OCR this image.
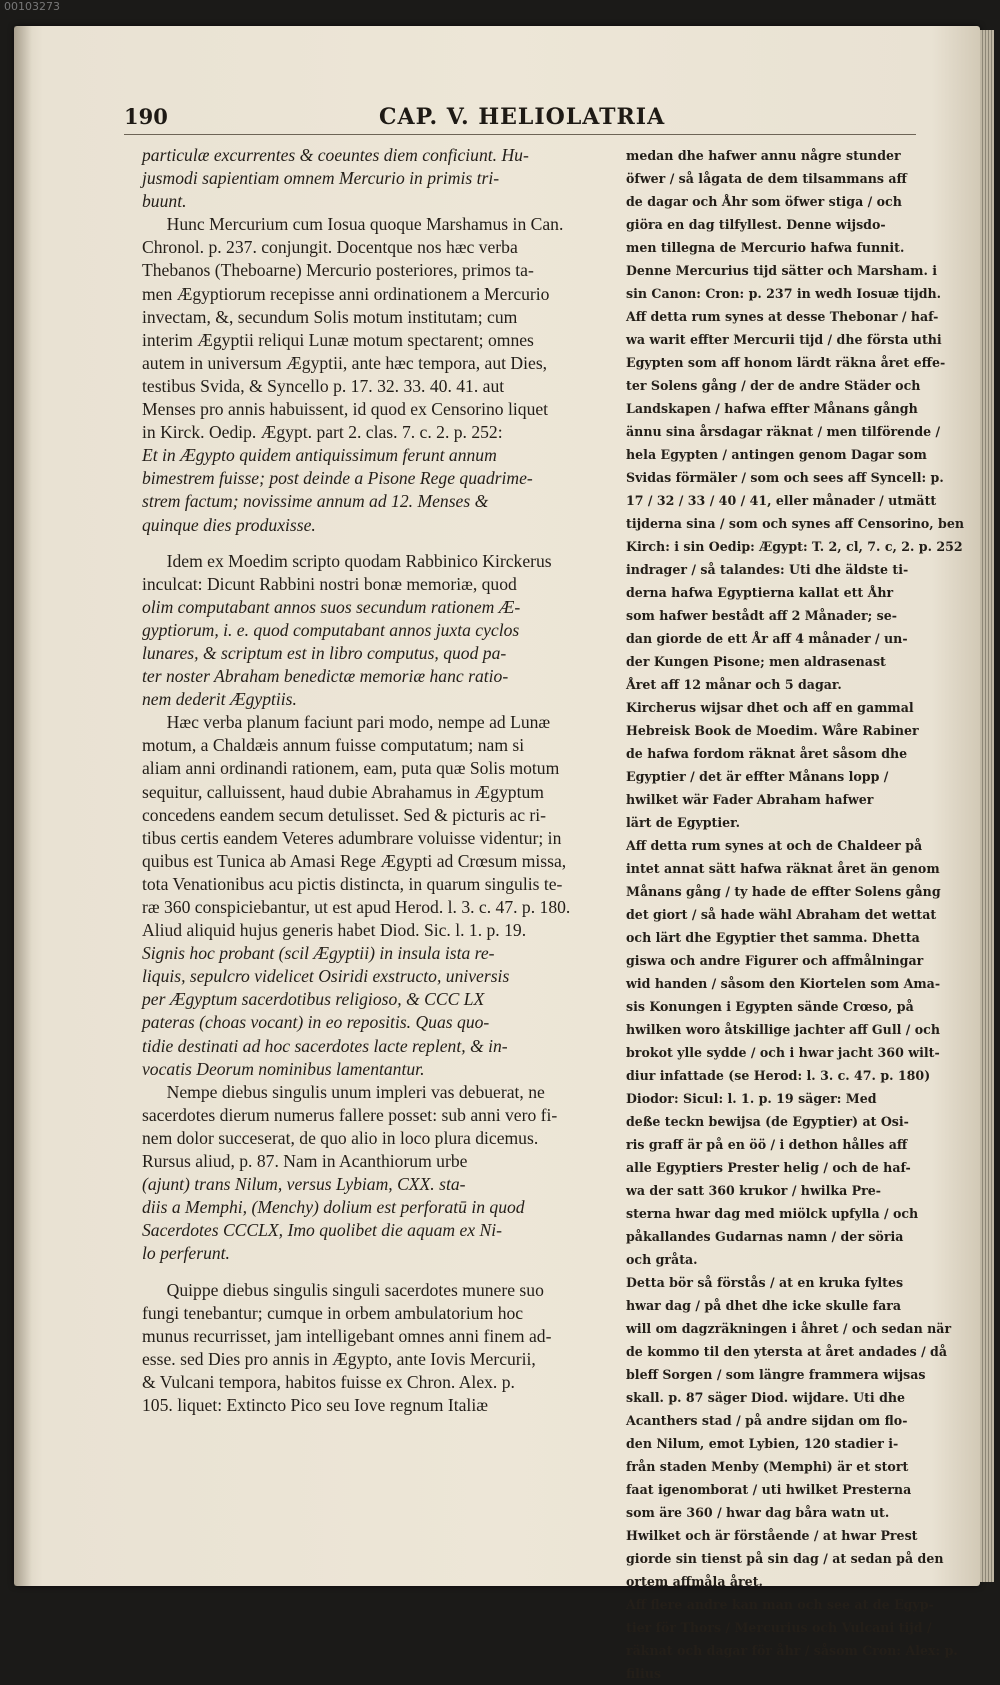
00103273
190	CAP. V. HELIOLATRIA
particulæ excurrentes & coeuntes diem conficiunt. Hu-
jusmodi sapientiam omnem Mercurio in primis tri-
buunt.
Hunc Mercurium cum Iosua quoque Marshamus in Can.
Chronol. p. 237. conjungit. Docentque nos hæc verba
Thebanos (Theboarne) Mercurio posteriores, primos ta-
men Ægyptiorum recepisse anni ordinationem a Mercurio
invectam, &, secundum Solis motum institutam; cum
interim Ægyptii reliqui Lunæ motum spectarent; omnes
autem in universum Ægyptii, ante hæc tempora, aut Dies,
testibus Svida, & Syncello p. 17. 32. 33. 40. 41. aut
Menses pro annis habuissent, id quod ex Censorino liquet
in Kirck. Oedip. Ægypt. part 2. clas. 7. c. 2. p. 252:
Et in Ægypto quidem antiquissimum ferunt annum
bimestrem fuisse; post deinde a Pisone Rege quadrime-
strem factum; novissime annum ad 12. Menses &
quinque dies produxisse.
Idem ex Moedim scripto quodam Rabbinico Kirckerus
inculcat: Dicunt Rabbini nostri bonæ memoriæ, quod
olim computabant annos suos secundum rationem Æ-
gyptiorum, i. e. quod computabant annos juxta cyclos
lunares, & scriptum est in libro computus, quod pa-
ter noster Abraham benedictæ memoriæ hanc ratio-
nem dederit Ægyptiis.
Hæc verba planum faciunt pari modo, nempe ad Lunæ
motum, a Chaldæis annum fuisse computatum; nam si
aliam anni ordinandi rationem, eam, puta quæ Solis motum
sequitur, calluissent, haud dubie Abrahamus in Ægyptum
concedens eandem secum detulisset. Sed & picturis ac ri-
tibus certis eandem Veteres adumbrare voluisse videntur; in
quibus est Tunica ab Amasi Rege Ægypti ad Crœsum missa,
tota Venationibus acu pictis distincta, in quarum singulis te-
ræ 360 conspiciebantur, ut est apud Herod. l. 3. c. 47. p. 180.
Aliud aliquid hujus generis habet Diod. Sic. l. 1. p. 19.
Signis hoc probant (scil Ægyptii) in insula ista re-
liquis, sepulcro videlicet Osiridi exstructo, universis
per Ægyptum sacerdotibus religioso, & CCC LX
pateras (choas vocant) in eo repositis. Quas quo-
tidie destinati ad hoc sacerdotes lacte replent, & in-
vocatis Deorum nominibus lamentantur.
Nempe diebus singulis unum impleri vas debuerat, ne
sacerdotes dierum numerus fallere posset: sub anni vero fi-
nem dolor succeserat, de quo alio in loco plura dicemus.
Rursus aliud, p. 87. Nam in Acanthiorum urbe
(ajunt) trans Nilum, versus Lybiam, CXX. sta-
diis a Memphi, (Menchy) dolium est perforatū in quod
Sacerdotes CCCLX, Imo quolibet die aquam ex Ni-
lo perferunt.
Quippe diebus singulis singuli sacerdotes munere suo
fungi tenebantur; cumque in orbem ambulatorium hoc
munus recurrisset, jam intelligebant omnes anni finem ad-
esse. sed Dies pro annis in Ægypto, ante Iovis Mercurii,
& Vulcani tempora, habitos fuisse ex Chron. Alex. p.
105. liquet: Extincto Pico seu Iove regnum Italiæ
medan dhe hafwer annu någre stunder
öfwer / så lågata de dem tilsammans aff
de dagar och Åhr som öfwer stiga / och
giöra en dag tilfyllest. Denne wijsdo-
men tillegna de Mercurio hafwa funnit.
Denne Mercurius tijd sätter och Marsham. i
sin Canon: Cron: p. 237 in wedh Iosuæ tijdh.
Aff detta rum synes at desse Thebonar / haf-
wa warit effter Mercurii tijd / dhe första uthi
Egypten som aff honom lärdt räkna året effe-
ter Solens gång / der de andre Städer och
Landskapen / hafwa effter Månans gångh
ännu sina årsdagar räknat / men tilförende /
hela Egypten / antingen genom Dagar som
Svidas förmäler / som och sees aff Syncell: p.
17 / 32 / 33 / 40 / 41, eller månader / utmätt
tijderna sina / som och synes aff Censorino, ben
Kirch: i sin Oedip: Ægypt: T. 2, cl, 7. c, 2. p. 252
indrager / så talandes: Uti dhe äldste ti-
derna hafwa Egyptierna kallat ett Åhr
som hafwer bestådt aff 2 Månader; se-
dan giorde de ett År aff 4 månader / un-
der Kungen Pisone; men aldrasenast
Året aff 12 månar och 5 dagar.
Kircherus wijsar dhet och aff en gammal
Hebreisk Book de Moedim. Wåre Rabiner
de hafwa fordom räknat året såsom dhe
Egyptier / det är effter Månans lopp /
hwilket wär Fader Abraham hafwer
lärt de Egyptier.
Aff detta rum synes at och de Chaldeer på
intet annat sätt hafwa räknat året än genom
Månans gång / ty hade de effter Solens gång
det giort / så hade wähl Abraham det wettat
och lärt dhe Egyptier thet samma. Dhetta
giswa och andre Figurer och affmålningar
wid handen / såsom den Kiortelen som Ama-
sis Konungen i Egypten sände Crœso, på
hwilken woro åtskillige jachter aff Gull / och
brokot ylle sydde / och i hwar jacht 360 wilt-
diur infattade (se Herod: l. 3. c. 47. p. 180)
Diodor: Sicul: l. 1. p. 19 säger: Med
deße teckn bewijsa (de Egyptier) at Osi-
ris graff är på en öö / i dethon hålles aff
alle Egyptiers Prester helig / och de haf-
wa der satt 360 krukor / hwilka Pre-
sterna hwar dag med miölck upfylla / och
påkallandes Gudarnas namn / der söria
och gråta.
Detta bör så förstås / at en kruka fyltes
hwar dag / på dhet dhe icke skulle fara
will om dagzräkningen i åhret / och sedan när
de kommo til den ytersta at året andades / då
bleff Sorgen / som längre frammera wijsas
skall. p. 87 säger Diod. wijdare. Uti dhe
Acanthers stad / på andre sijdan om flo-
den Nilum, emot Lybien, 120 stadier i-
från staden Menby (Memphi) är et stort
faat igenomborat / uti hwilket Presterna
som äre 360 / hwar dag båra watn ut.
Hwilket och är förstående / at hwar Prest
giorde sin tienst på sin dag / at sedan på den
ortem affmåla året.
Aff flere andre kan man och see at de Egyp-
tier för Thors / Mercurius och Vulcani tijd /
räknat och dagar för åhr / såsom Cron: Alex: p.
filius
